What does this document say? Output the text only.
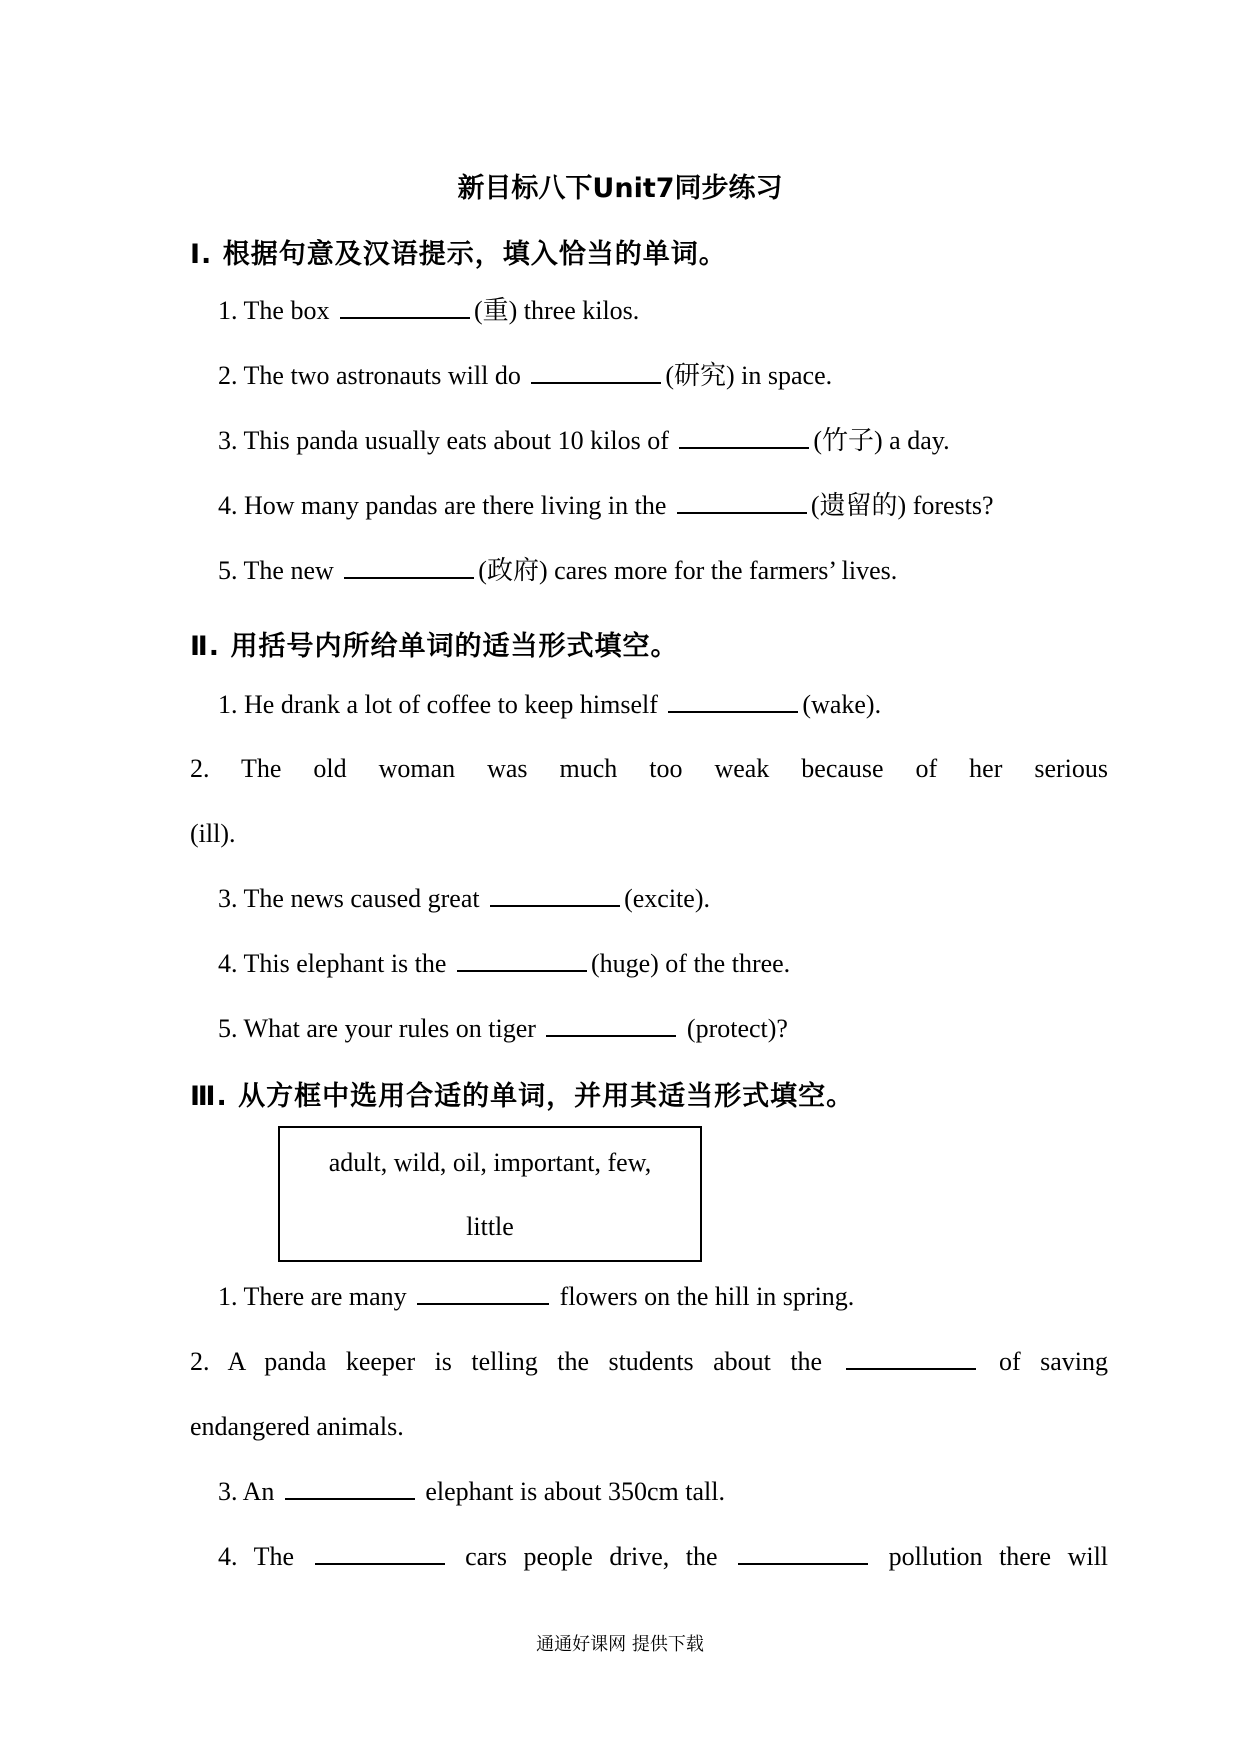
新目标八下Unit7同步练习
Ⅰ. 根据句意及汉语提示，填入恰当的单词。
1. The box	(重) three kilos.
2. The two astronauts will do	(研究) in space.
3. This panda usually eats about 10 kilos of	(竹子) a day.
4. How many pandas are there living in the	(遗留的) forests?
5. The new	(政府) cares more for the farmers’ lives.
Ⅱ. 用括号内所给单词的适当形式填空。
1. He drank a lot of coffee to keep himself	(wake).
2. The old woman was much too weak because of her serious
(ill).
3. The news caused great	(excite).
4. This elephant is the	(huge) of the three.
5. What are your rules on tiger	(protect)?
Ⅲ. 从方框中选用合适的单词，并用其适当形式填空。
adult, wild, oil, important, few,
little
1. There are many	flowers on the hill in spring.
2. A panda keeper is telling the students about the	of saving
endangered animals.
3. An	elephant is about 350cm tall.
4. The	cars people drive, the	pollution there will
通通好课网 提供下载
